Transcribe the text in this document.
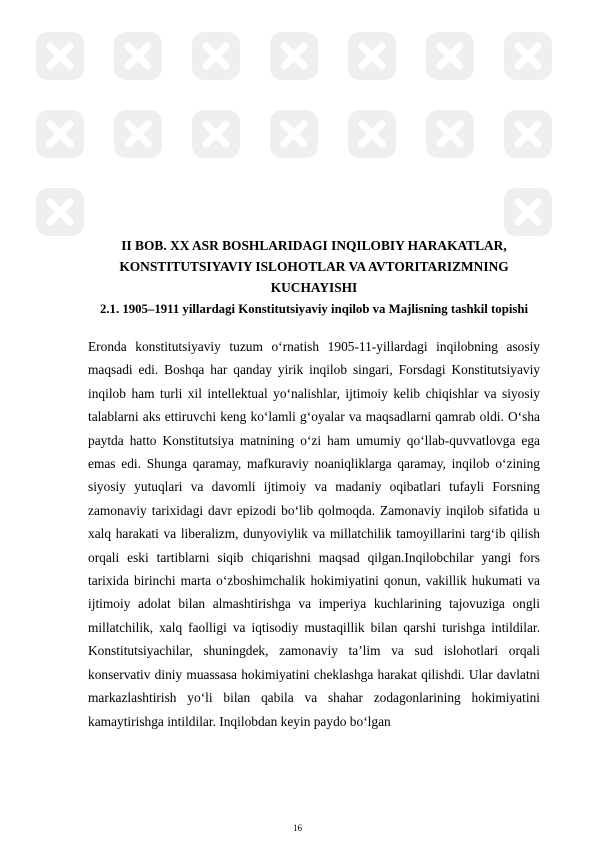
II BOB. XX ASR BOSHLARIDAGI INQILOBIY HARAKATLAR, KONSTITUTSIYAVIY ISLOHOTLAR VA AVTORITARIZMNING KUCHAYISHI
2.1. 1905–1911 yillardagi Konstitutsiyaviy inqilob va Majlisning tashkil topishi
Eronda konstitutsiyaviy tuzum o‘rnatish 1905-11-yillardagi inqilobning asosiy maqsadi edi. Boshqa har qanday yirik inqilob singari, Forsdagi Konstitutsiyaviy inqilob ham turli xil intellektual yo‘nalishlar, ijtimoiy kelib chiqishlar va siyosiy talablarni aks ettiruvchi keng ko‘lamli g‘oyalar va maqsadlarni qamrab oldi. O‘sha paytda hatto Konstitutsiya matnining o‘zi ham umumiy qo‘llab-quvvatlovga ega emas edi. Shunga qaramay, mafkuraviy noaniqliklarga qaramay, inqilob o‘zining siyosiy yutuqlari va davomli ijtimoiy va madaniy oqibatlari tufayli Forsning zamonaviy tarixidagi davr epizodi bo‘lib qolmoqda. Zamonaviy inqilob sifatida u xalq harakati va liberalizm, dunyoviylik va millatchilik tamoyillarini targ‘ib qilish orqali eski tartiblarni siqib chiqarishni maqsad qilgan.Inqilobchilar yangi fors tarixida birinchi marta o‘zboshimchalik hokimiyatini qonun, vakillik hukumati va ijtimoiy adolat bilan almashtirishga va imperiya kuchlarining tajovuziga ongli millatchilik, xalq faolligi va iqtisodiy mustaqillik bilan qarshi turishga intildilar. Konstitutsiyachilar, shuningdek, zamonaviy ta’lim va sud islohotlari orqali konservativ diniy muassasa hokimiyatini cheklashga harakat qilishdi. Ular davlatni markazlashtirish yo‘li bilan qabila va shahar zodagonlarining hokimiyatini kamaytirishga intildilar. Inqilobdan keyin paydo bo‘lgan
16
